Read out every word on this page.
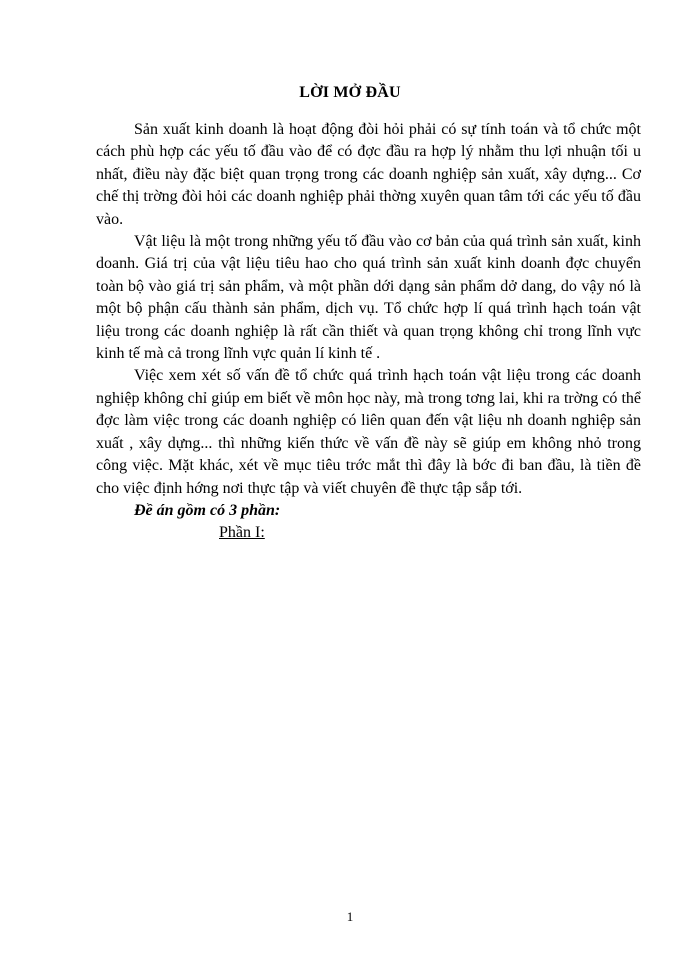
LỜI MỞ ĐẦU

Sản xuất kinh doanh là hoạt động đòi hỏi phải có sự tính toán và tổ chức một cách phù hợp các yếu tố đầu vào để có đợc đầu ra hợp lý nhằm thu lợi nhuận tối u nhất, điều này đặc biệt quan trọng trong các doanh nghiệp sản xuất, xây dựng... Cơ chế thị trờng đòi hỏi các doanh nghiệp phải thờng xuyên quan tâm tới các yếu tố đầu vào.

Vật liệu là một trong những yếu tố đầu vào cơ bản của quá trình sản xuất, kinh doanh. Giá trị của vật liệu tiêu hao cho quá trình sản xuất kinh doanh đợc chuyển toàn bộ vào giá trị sản phẩm, và một phần dới dạng sản phẩm dở dang, do vậy nó là một bộ phận cấu thành sản phẩm, dịch vụ. Tổ chức hợp lí quá trình hạch toán vật liệu trong các doanh nghiệp là rất cần thiết và quan trọng không chỉ trong lĩnh vực kinh tế mà cả trong lĩnh vực quản lí kinh tế .

Việc xem xét số vấn đề tổ chức quá trình hạch toán vật liệu trong các doanh nghiệp không chỉ giúp em biết về môn học này, mà trong tơng lai, khi ra trờng có thể đợc làm việc trong các doanh nghiệp có liên quan đến vật liệu nh doanh nghiệp sản xuất , xây dựng... thì những kiến thức về vấn đề này sẽ giúp em không nhỏ trong công việc. Mặt khác, xét về mục tiêu trớc mắt thì đây là bớc đi ban đầu, là tiền đề cho việc định hớng nơi thực tập và viết chuyên đề thực tập sắp tới.

Đề án gồm có 3 phần:

Phần I:

1
